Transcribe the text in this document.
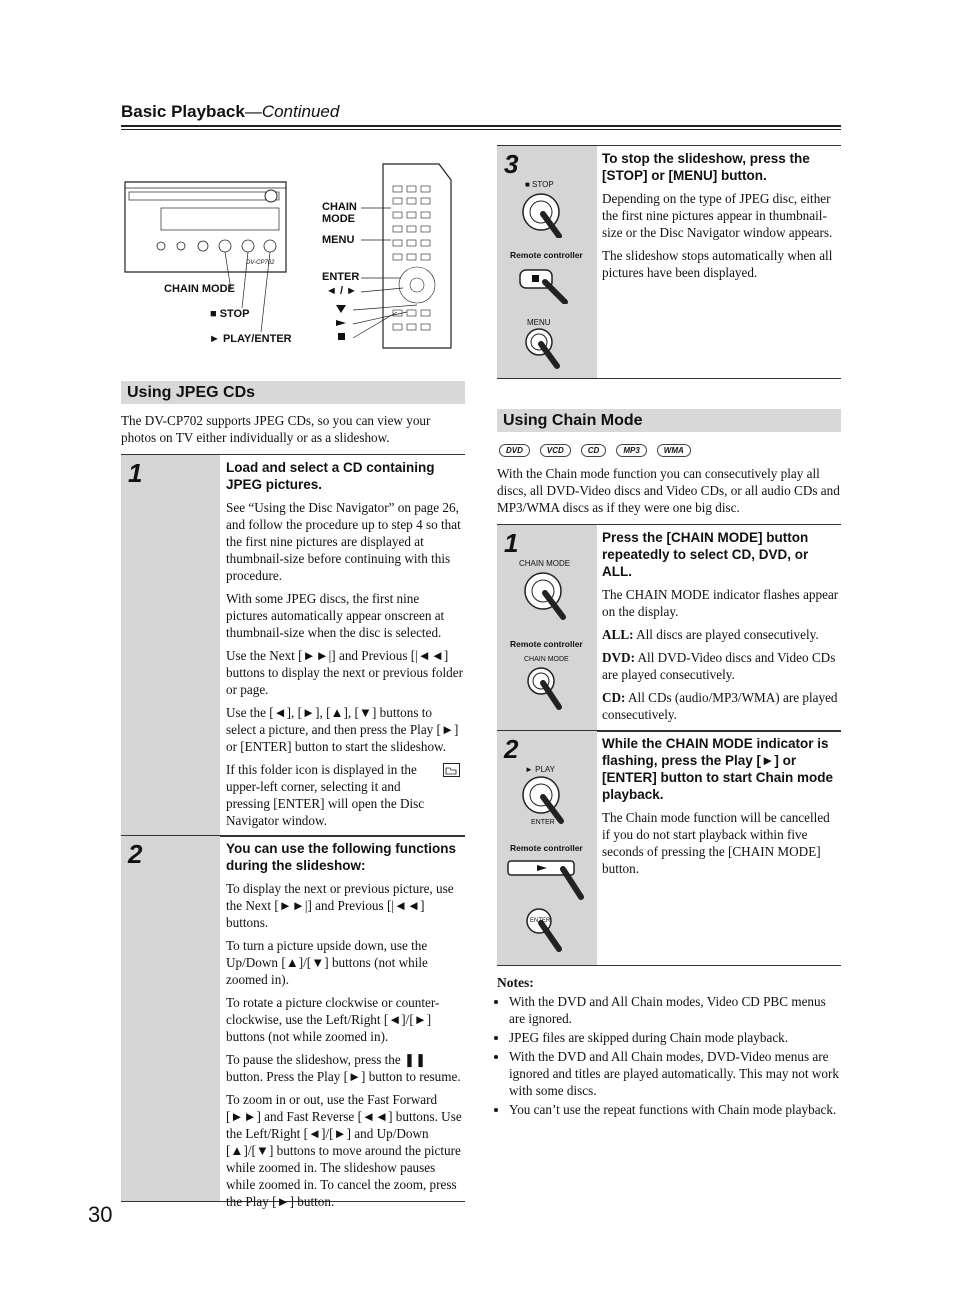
Basic Playback—Continued
CHAIN
MODE
MENU
ENTER
◄ / ►
CHAIN MODE
■ STOP
► PLAY/ENTER
DV-CP702
Using JPEG CDs
The DV-CP702 supports JPEG CDs, so you can view your photos on TV either individually or as a slideshow.
1	Load and select a CD containing JPEG pictures.

See “Using the Disc Navigator” on page 26, and follow the procedure up to step 4 so that the first nine pictures are displayed at thumbnail-size before continuing with this procedure.

With some JPEG discs, the first nine pictures automatically appear onscreen at thumbnail-size when the disc is selected.

Use the Next [►►|] and Previous [|◄◄] buttons to display the next or previous folder or page.

Use the [◄], [►], [▲], [▼] buttons to select a picture, and then press the Play [►] or [ENTER] button to start the slideshow.

If this folder icon is displayed in the upper-left corner, selecting it and pressing [ENTER] will open the Disc Navigator window.

2	You can use the following functions during the slideshow:

To display the next or previous picture, use the Next [►►|] and Previous [|◄◄] buttons.

To turn a picture upside down, use the Up/Down [▲]/[▼] buttons (not while zoomed in).

To rotate a picture clockwise or counter-clockwise, use the Left/Right [◄]/[►] buttons (not while zoomed in).

To pause the slideshow, press the ❚❚ button. Press the Play [►] button to resume.

To zoom in or out, use the Fast Forward [►►] and Fast Reverse [◄◄] buttons. Use the Left/Right [◄]/[►] and Up/Down [▲]/[▼] buttons to move around the picture while zoomed in. The slideshow pauses while zoomed in. To cancel the zoom, press the Play [►] button.

3
■ STOP
Remote controller
MENU
To stop the slideshow, press the [STOP] or [MENU] button.

Depending on the type of JPEG disc, either the first nine pictures appear in thumbnail-size or the Disc Navigator window appears.

The slideshow stops automatically when all pictures have been displayed.

Using Chain Mode
DVD	VCD	CD	MP3	WMA
With the Chain mode function you can consecutively play all discs, all DVD-Video discs and Video CDs, or all audio CDs and MP3/WMA discs as if they were one big disc.
1
CHAIN MODE
Remote controller
CHAIN MODE
Press the [CHAIN MODE] button repeatedly to select CD, DVD, or ALL.

The CHAIN MODE indicator flashes appear on the display.

ALL: All discs are played consecutively.

DVD: All DVD-Video discs and Video CDs are played consecutively.

CD: All CDs (audio/MP3/WMA) are played consecutively.

2
► PLAY
ENTER
Remote controller
ENTER
While the CHAIN MODE indicator is flashing, press the Play [►] or [ENTER] button to start Chain mode playback.

The Chain mode function will be cancelled if you do not start playback within five seconds of pressing the [CHAIN MODE] button.

Notes:
• With the DVD and All Chain modes, Video CD PBC menus are ignored.
• JPEG files are skipped during Chain mode playback.
• With the DVD and All Chain modes, DVD-Video menus are ignored and titles are played automatically. This may not work with some discs.
• You can’t use the repeat functions with Chain mode playback.
30
